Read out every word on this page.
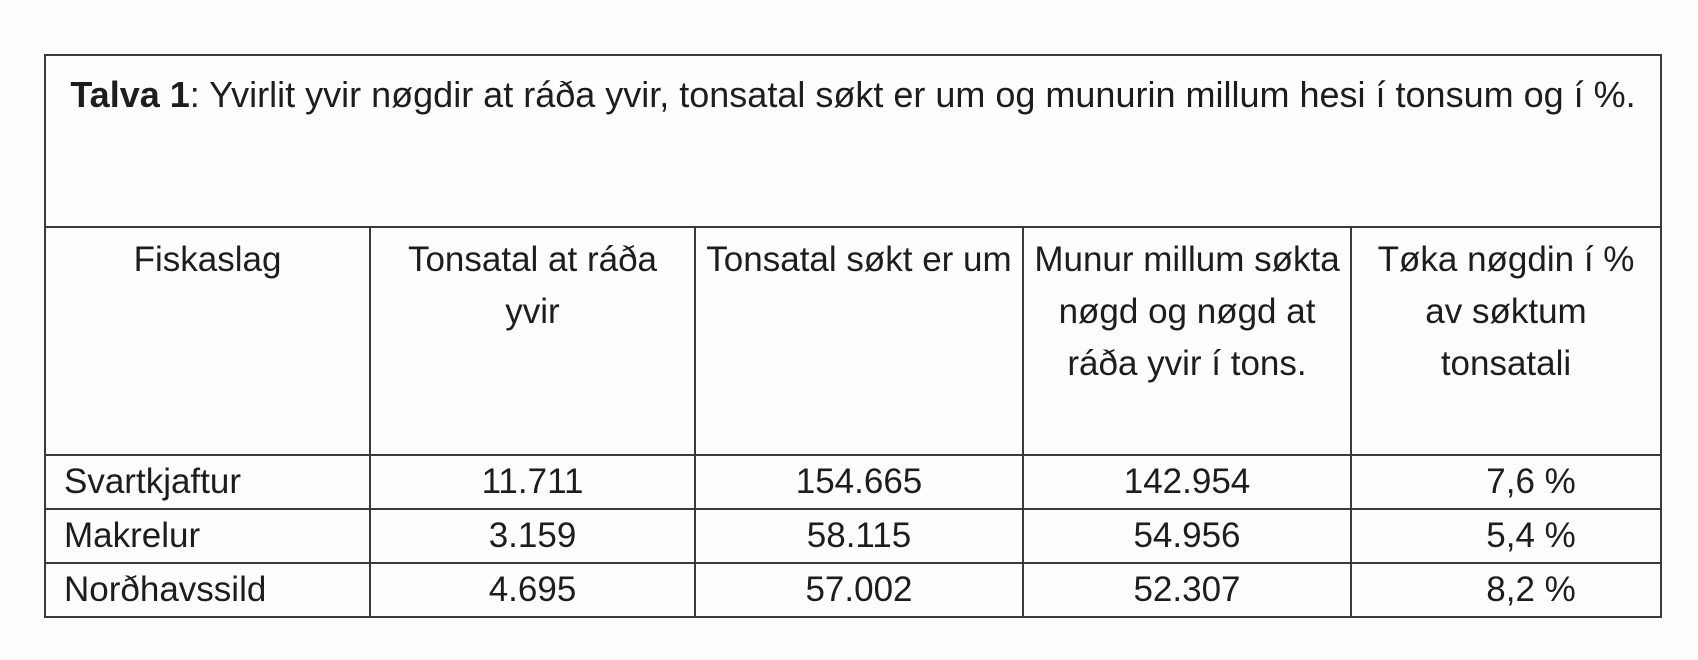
Talva 1: Yvirlit yvir nøgdir at ráða yvir, tonsatal søkt er um og munurin millum hesi í tonsum og í %.				
Fiskaslag	Tonsatal at ráða yvir	Tonsatal søkt er um	Munur millum søkta nøgd og nøgd at ráða yvir í tons.	Tøka nøgdin í % av søktum tonsatali
Svartkjaftur	11.711	154.665	142.954	7,6 %
Makrelur	3.159	58.115	54.956	5,4 %
Norðhavssild	4.695	57.002	52.307	8,2 %
